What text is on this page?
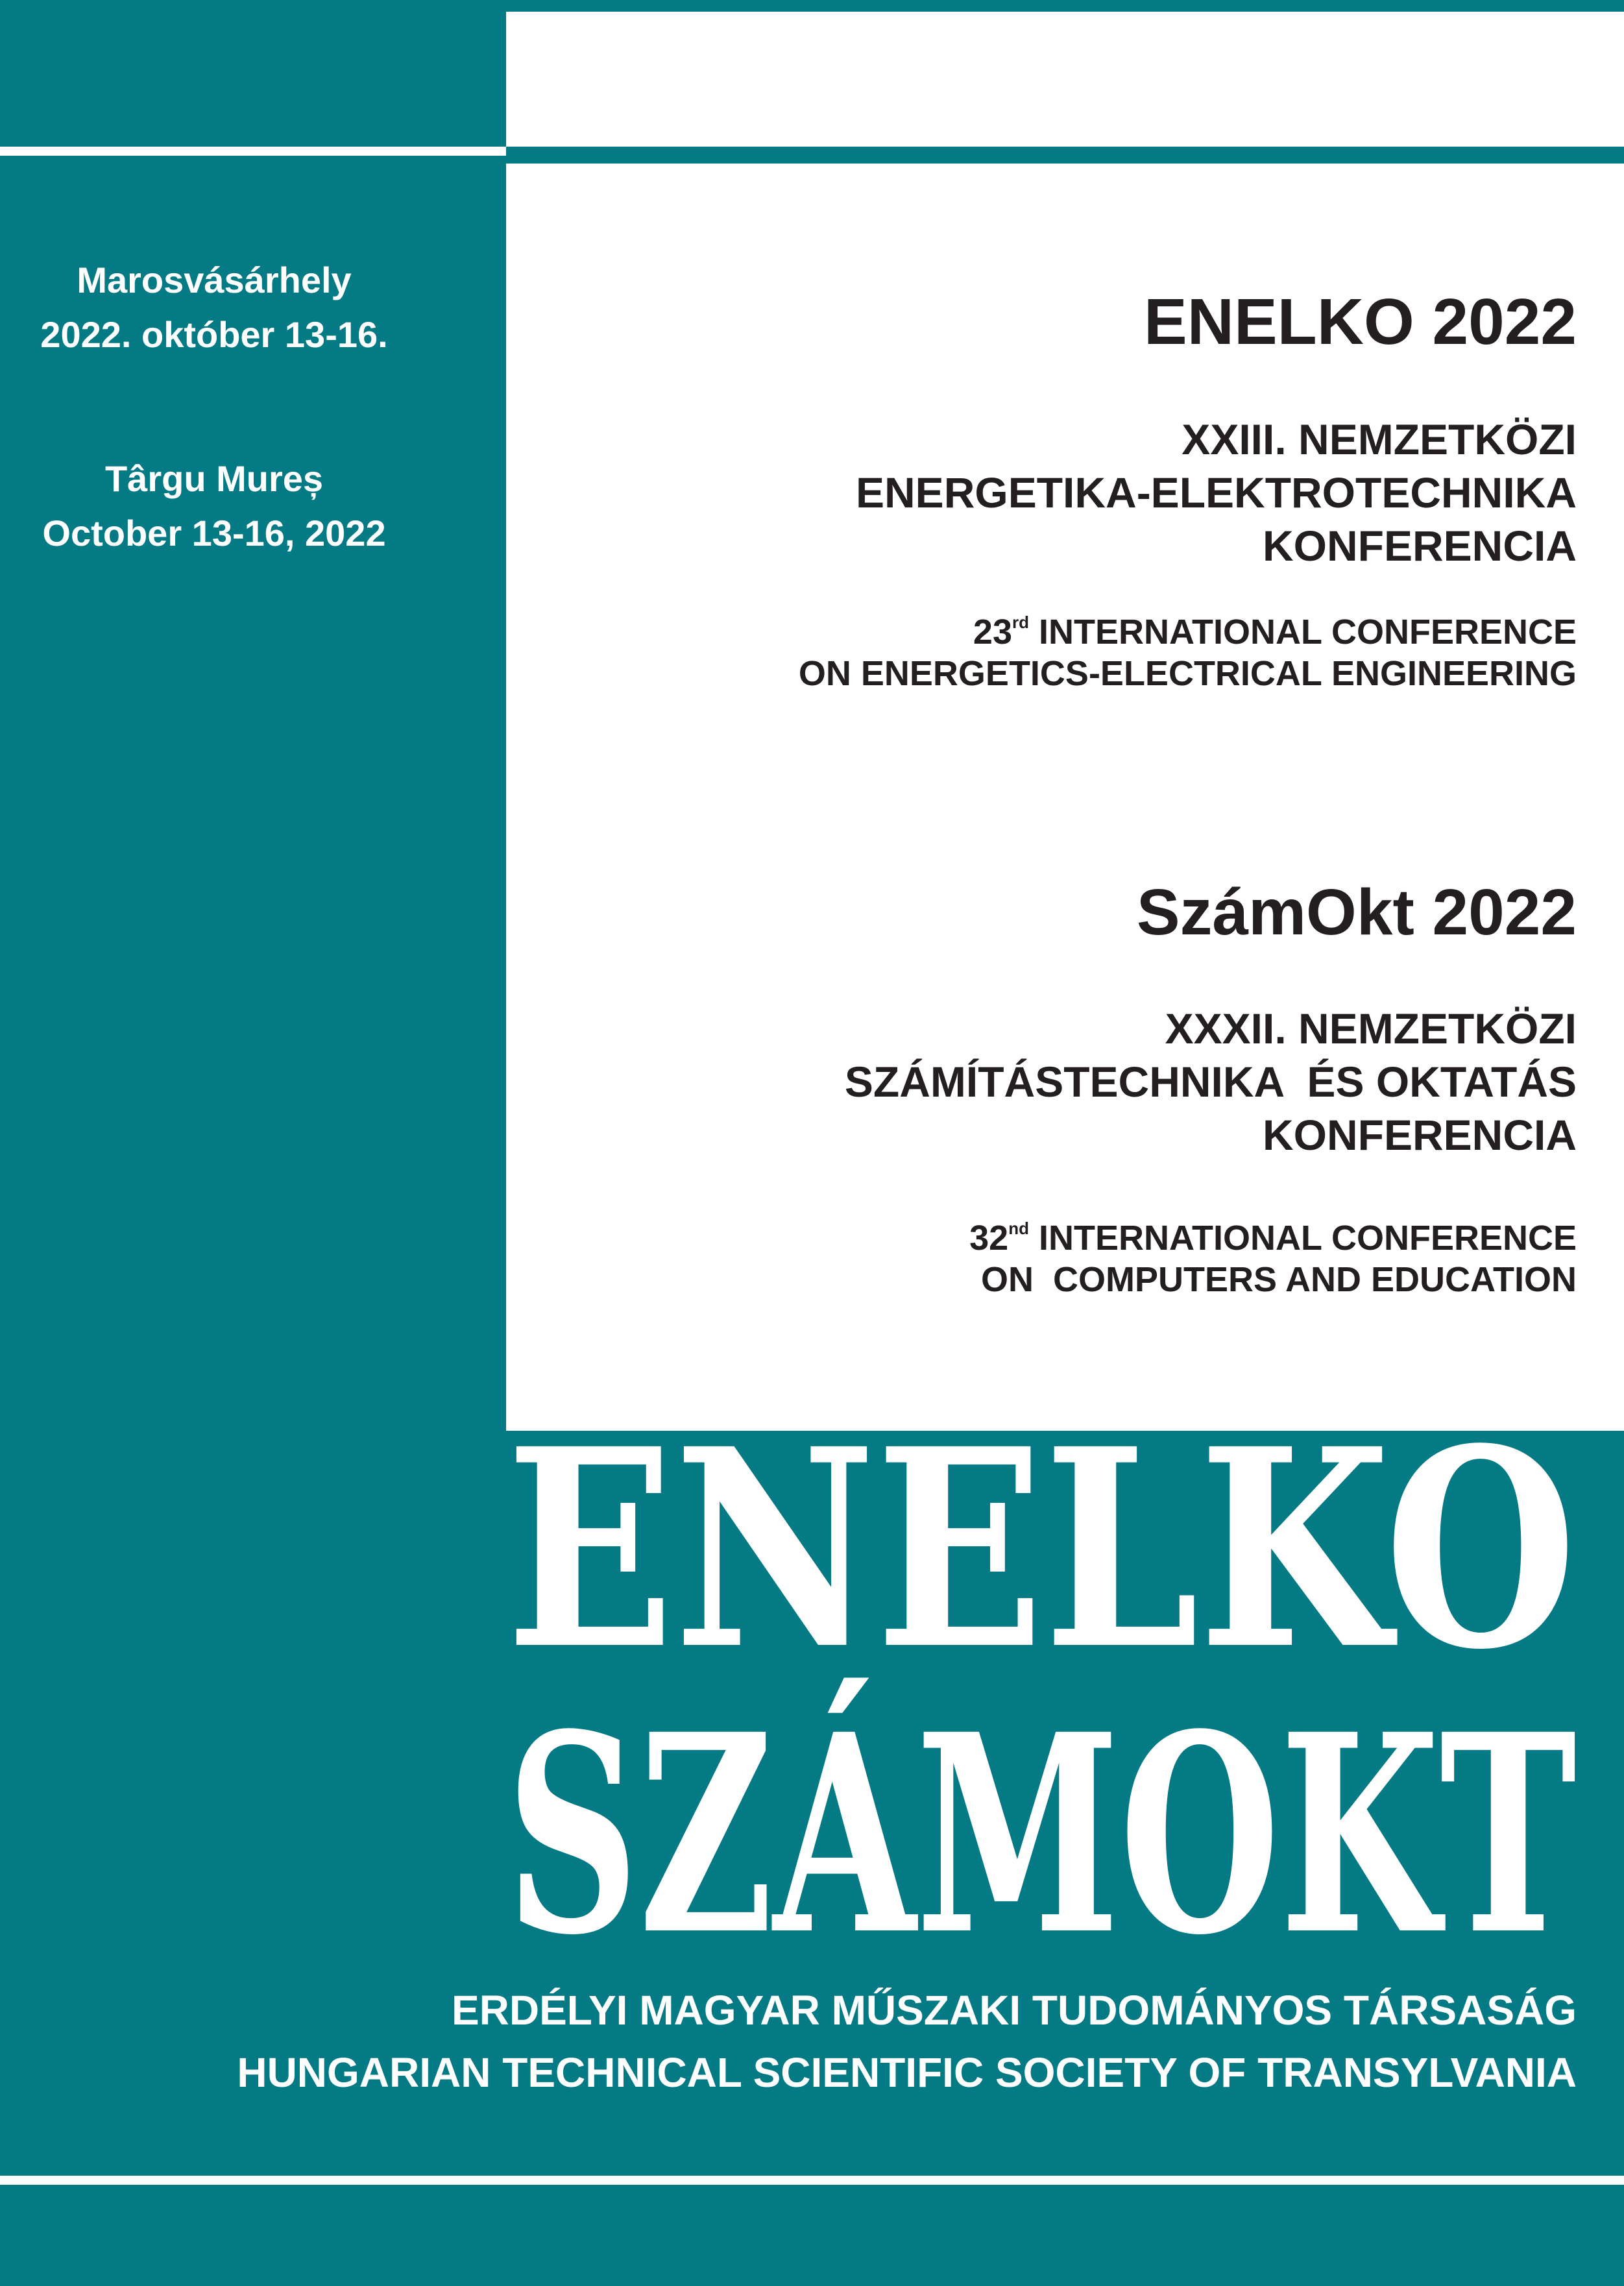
Marosvásárhely
2022. október 13-16.
Târgu Mureș
October 13-16, 2022
ENELKO 2022
XXIII. NEMZETKÖZI
ENERGETIKA-ELEKTROTECHNIKA
KONFERENCIA
23rd INTERNATIONAL CONFERENCE
ON ENERGETICS-ELECTRICAL ENGINEERING
SzámOkt 2022
XXXII. NEMZETKÖZI
SZÁMÍTÁSTECHNIKA  ÉS OKTATÁS
KONFERENCIA
32nd INTERNATIONAL CONFERENCE
ON  COMPUTERS AND EDUCATION
ENELKO
SZÁMOKT
ERDÉLYI MAGYAR MŰSZAKI TUDOMÁNYOS TÁRSASÁG
HUNGARIAN TECHNICAL SCIENTIFIC SOCIETY OF TRANSYLVANIA
